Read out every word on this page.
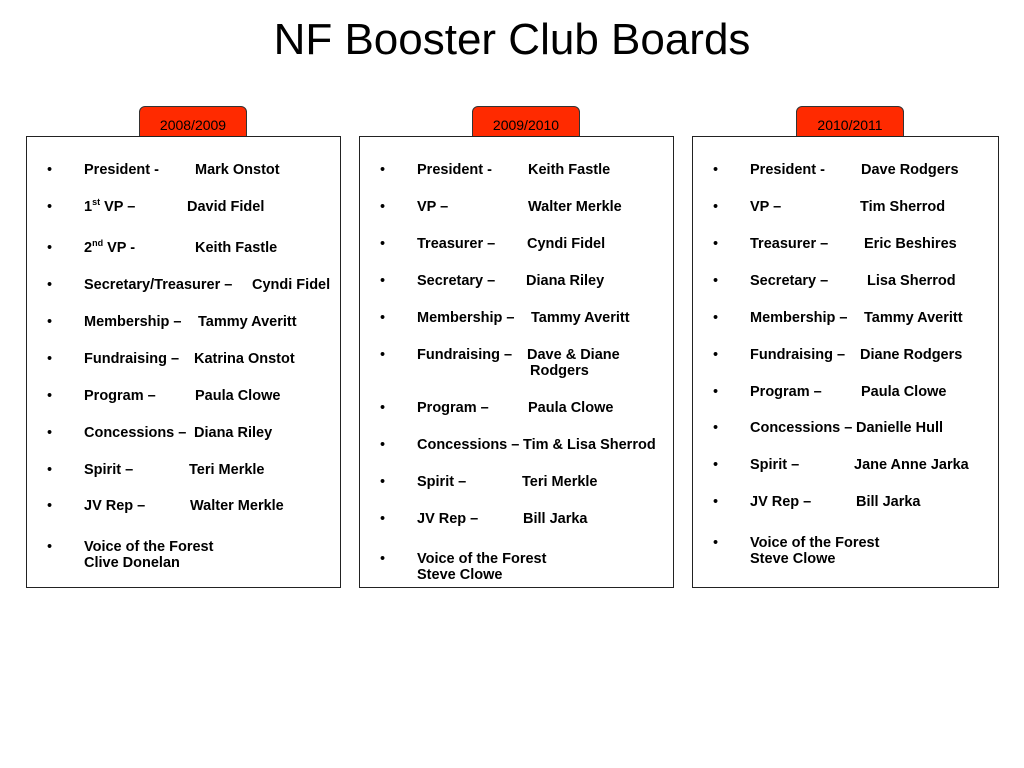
NF Booster Club Boards
2008/2009	2009/2010	2010/2011
• President - Mark Onstot
• 1st VP –	David Fidel
• 2nd VP -	Keith Fastle
• Secretary/Treasurer – Cyndi Fidel
• Membership – Tammy Averitt
• Fundraising – Katrina Onstot
• Program –	Paula Clowe
• Concessions – Diana Riley
• Spirit –	Teri Merkle
• JV Rep –	Walter Merkle
• Voice of the Forest
Clive Donelan
• President - Keith Fastle
• VP –	Walter Merkle
• Treasurer – Cyndi Fidel
• Secretary – Diana Riley
• Membership – Tammy Averitt
• Fundraising – Dave & Diane
Rodgers
• Program –	Paula Clowe
• Concessions – Tim & Lisa Sherrod
• Spirit –	Teri Merkle
• JV Rep –	Bill Jarka
• Voice of the Forest
Steve Clowe
• President - Dave Rodgers
• VP –	Tim Sherrod
• Treasurer – Eric Beshires
• Secretary –	Lisa Sherrod
• Membership – Tammy Averitt
• Fundraising – Diane Rodgers
• Program –	Paula Clowe
• Concessions – Danielle Hull
• Spirit –	Jane Anne Jarka
• JV Rep –	Bill Jarka
• Voice of the Forest
Steve Clowe
